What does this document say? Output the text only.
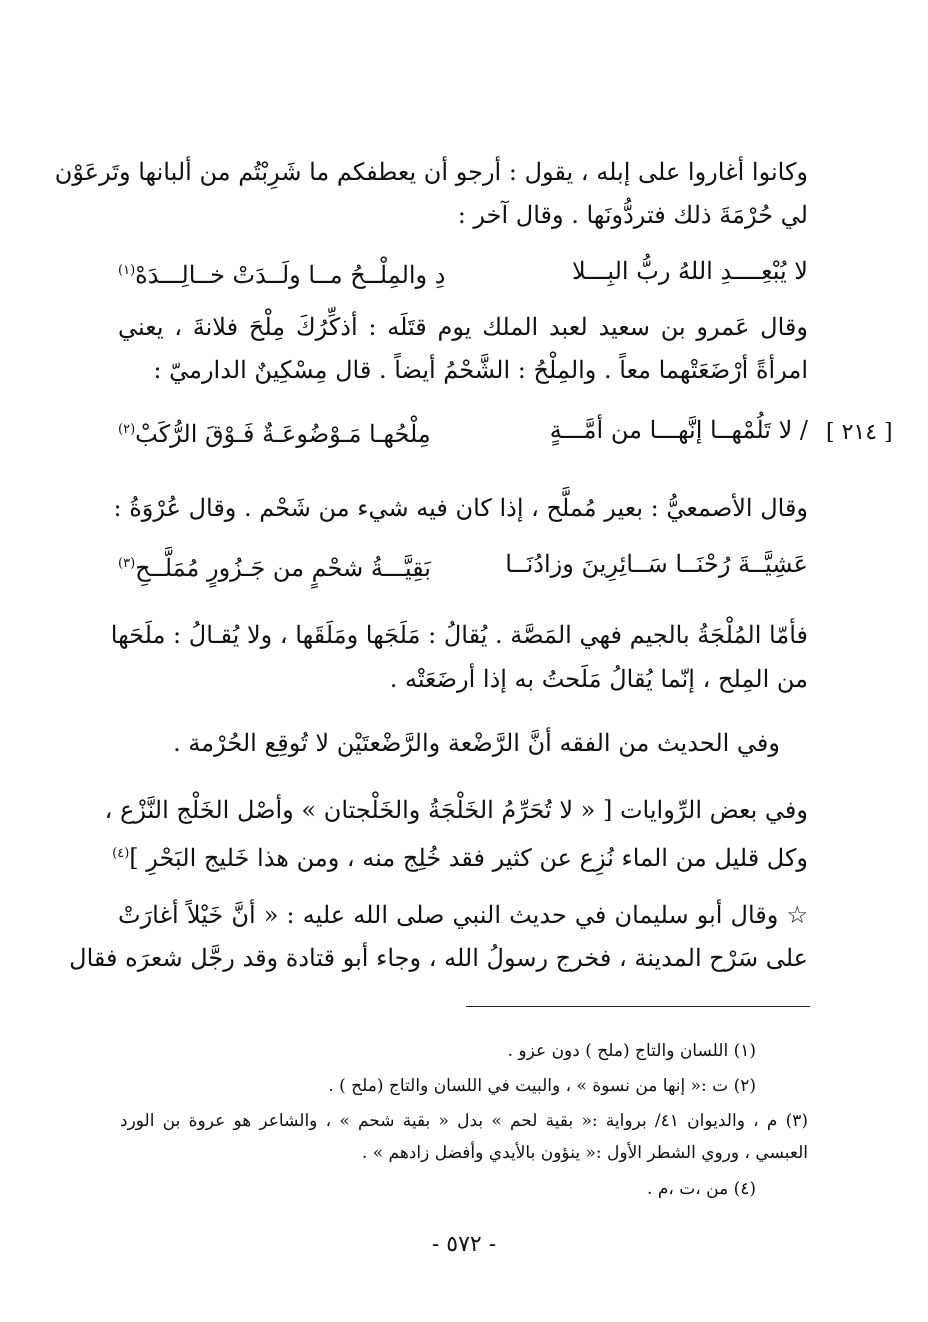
وكانوا أغاروا على إبله ، يقول : أرجو أن يعطفكم ما شَرِبْتُم من ألبانها وتَرعَوْن
لي حُرْمَةَ ذلك فتردُّونَها . وقال آخر :
لا يُبْعِــــدِ اللهُ ربُّ البِـــلا
دِ والمِلْــحُ مــا ولَــدَتْ خــالِـــدَهْ$^{(١)}$
وقال عَمرو بن سعيد لعبد الملك يوم قتَلَه : أذكِّرُكَ مِلْحَ فلانةَ ، يعني
امرأةً أرْضَعَتْهما معاً . والمِلْحُ : الشَّحْمُ أيضاً . قال مِسْكِينٌ الدارميّ :
/ لا تَلُمْهــا إنَّهـــا من أمَّـــةٍ
مِلْحُهـا مَـوْضُوعَـةٌ فَـوْقَ الرُّكَبْ$^{(٢)}$	[ ٢١٤ ]
وقال الأصمعيُّ : بعير مُملَّح ، إذا كان فيه شيء من شَحْم . وقال عُرْوَةُ :
عَشِيَّــةَ رُحْنَــا سَــائِرِينَ وزادُنَــا
بَقِيَّـــةُ شحْمٍ من جَـزُورٍ مُمَلَّــحِ$^{(٣)}$
فأمّا المُلْجَةُ بالجيم فهي المَصَّة . يُقالُ : مَلَجَها ومَلَقَها ، ولا يُقـالُ : ملَحَها
من المِلح ، إنّما يُقالُ مَلَحتُ به إذا أرضَعَتْه .
وفي الحديث من الفقه أنَّ الرَّضْعة والرَّضْعتَيْن لا تُوقِع الحُرْمة .
وفي بعض الرِّوايات [ « لا تُحَرِّمُ الخَلْجَةُ والخَلْجتان » وأصْل الخَلْج النَّزْع ،
وكل قليل من الماء نُزِع عن كثير فقد خُلِج منه ، ومن هذا خَليج البَحْرِ ]$^{(٤)}$
☆ وقال أبو سليمان في حديث النبي صلى الله عليه : « أنَّ خَيْلاً أغارَتْ
على سَرْح المدينة ، فخرج رسولُ الله ، وجاء أبو قتادة وقد رجَّل شعرَه فقال
(١) اللسان والتاج (ملح ) دون عزو .
(٢) ت :« إنها من نسوة » ، والبيت في اللسان والتاج (ملح ) .
(٣) م ، والديوان ٤١/ برواية :« بقية لحم » بدل « بقية شحم » ، والشاعر هو عروة بن الورد
العبسي ، وروي الشطر الأول :« ينؤون بالأيدي وأفضل زادهم » .
(٤) من ،ت ،م .
- ٥٧٢ -
